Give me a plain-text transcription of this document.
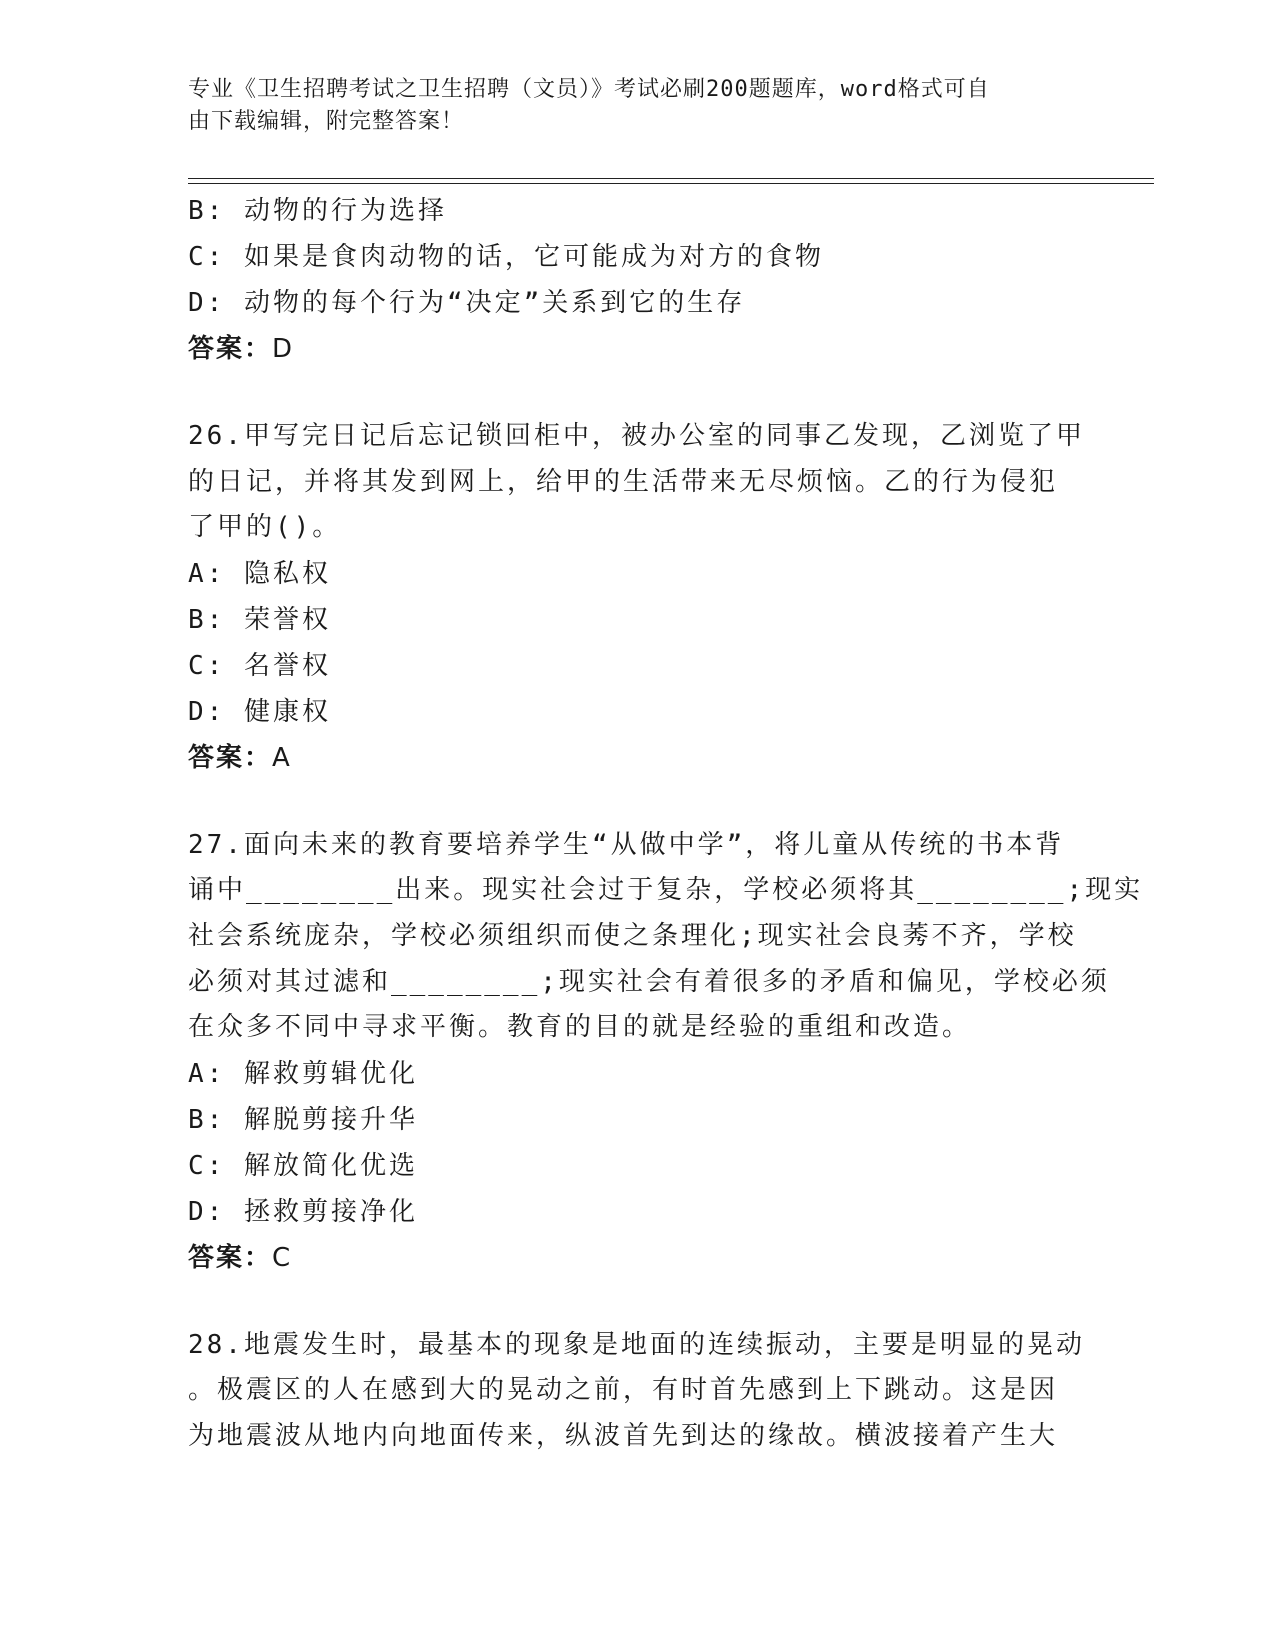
专业《卫生招聘考试之卫生招聘（文员）》考试必刷200题题库，word格式可自
由下载编辑，附完整答案！
B: 动物的行为选择
C: 如果是食肉动物的话，它可能成为对方的食物
D: 动物的每个行为“决定”关系到它的生存
答案：D
26.甲写完日记后忘记锁回柜中，被办公室的同事乙发现，乙浏览了甲
的日记，并将其发到网上，给甲的生活带来无尽烦恼。乙的行为侵犯
了甲的()。
A: 隐私权
B: 荣誉权
C: 名誉权
D: 健康权
答案：A
27.面向未来的教育要培养学生“从做中学”，将儿童从传统的书本背
诵中________出来。现实社会过于复杂，学校必须将其________;现实
社会系统庞杂，学校必须组织而使之条理化;现实社会良莠不齐，学校
必须对其过滤和________;现实社会有着很多的矛盾和偏见，学校必须
在众多不同中寻求平衡。教育的目的就是经验的重组和改造。
A: 解救剪辑优化
B: 解脱剪接升华
C: 解放简化优选
D: 拯救剪接净化
答案：C
28.地震发生时，最基本的现象是地面的连续振动，主要是明显的晃动
。极震区的人在感到大的晃动之前，有时首先感到上下跳动。这是因
为地震波从地内向地面传来，纵波首先到达的缘故。横波接着产生大
